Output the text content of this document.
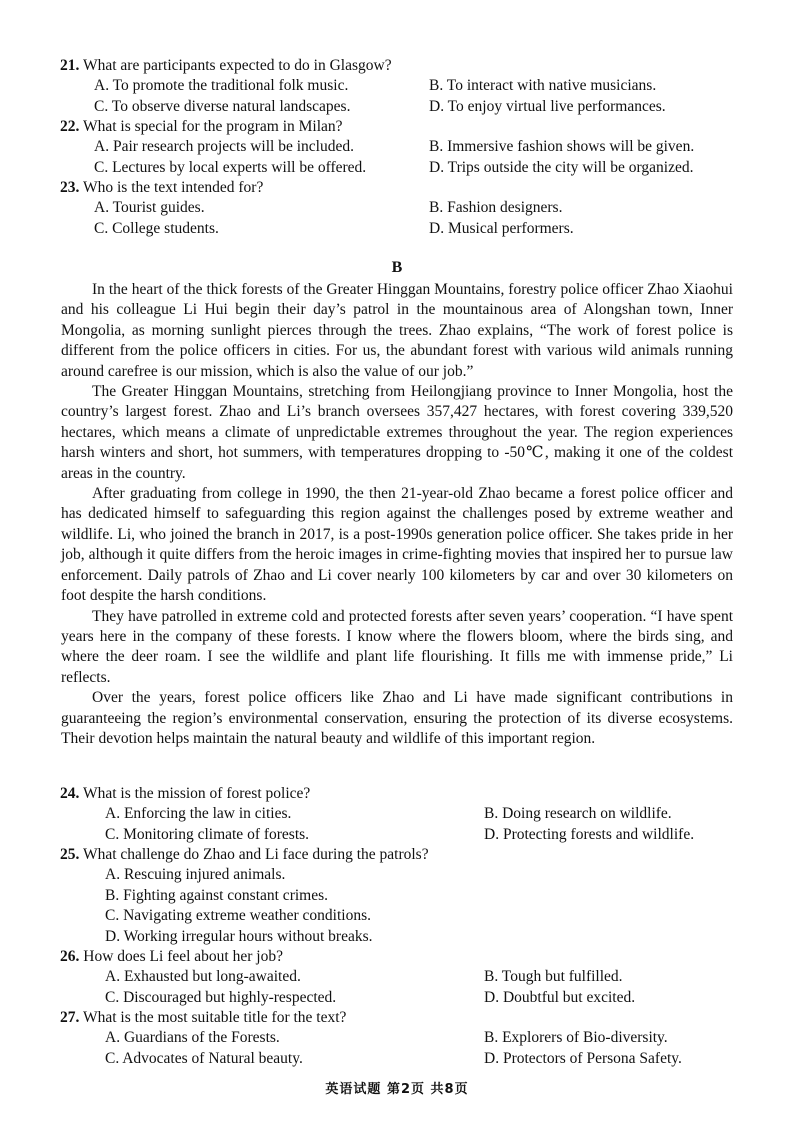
21. What are participants expected to do in Glasgow?
A. To promote the traditional folk music.	B. To interact with native musicians.
C. To observe diverse natural landscapes.	D. To enjoy virtual live performances.
22. What is special for the program in Milan?
A. Pair research projects will be included.	B. Immersive fashion shows will be given.
C. Lectures by local experts will be offered.	D. Trips outside the city will be organized.
23. Who is the text intended for?
A. Tourist guides.	B. Fashion designers.
C. College students.	D. Musical performers.
B

In the heart of the thick forests of the Greater Hinggan Mountains, forestry police officer Zhao Xiaohui and his colleague Li Hui begin their day’s patrol in the mountainous area of Alongshan town, Inner Mongolia, as morning sunlight pierces through the trees. Zhao explains, “The work of forest police is different from the police officers in cities. For us, the abundant forest with various wild animals running around carefree is our mission, which is also the value of our job.”

The Greater Hinggan Mountains, stretching from Heilongjiang province to Inner Mongolia, host the country’s largest forest. Zhao and Li’s branch oversees 357,427 hectares, with forest covering 339,520 hectares, which means a climate of unpredictable extremes throughout the year. The region experiences harsh winters and short, hot summers, with temperatures dropping to -50℃, making it one of the coldest areas in the country.

After graduating from college in 1990, the then 21-year-old Zhao became a forest police officer and has dedicated himself to safeguarding this region against the challenges posed by extreme weather and wildlife. Li, who joined the branch in 2017, is a post-1990s generation police officer. She takes pride in her job, although it quite differs from the heroic images in crime-fighting movies that inspired her to pursue law enforcement. Daily patrols of Zhao and Li cover nearly 100 kilometers by car and over 30 kilometers on foot despite the harsh conditions.

They have patrolled in extreme cold and protected forests after seven years’ cooperation. “I have spent years here in the company of these forests. I know where the flowers bloom, where the birds sing, and where the deer roam. I see the wildlife and plant life flourishing. It fills me with immense pride,” Li reflects.

Over the years, forest police officers like Zhao and Li have made significant contributions in guaranteeing the region’s environmental conservation, ensuring the protection of its diverse ecosystems. Their devotion helps maintain the natural beauty and wildlife of this important region.

24. What is the mission of forest police?
A. Enforcing the law in cities.	B. Doing research on wildlife.
C. Monitoring climate of forests.	D. Protecting forests and wildlife.
25. What challenge do Zhao and Li face during the patrols?
A. Rescuing injured animals.
B. Fighting against constant crimes.
C. Navigating extreme weather conditions.
D. Working irregular hours without breaks.
26. How does Li feel about her job?
A. Exhausted but long-awaited.	B. Tough but fulfilled.
C. Discouraged but highly-respected.	D. Doubtful but excited.
27. What is the most suitable title for the text?
A. Guardians of the Forests.	B. Explorers of Bio-diversity.
C. Advocates of Natural beauty.	D. Protectors of Persona Safety.
英语试题 第2页 共8页
